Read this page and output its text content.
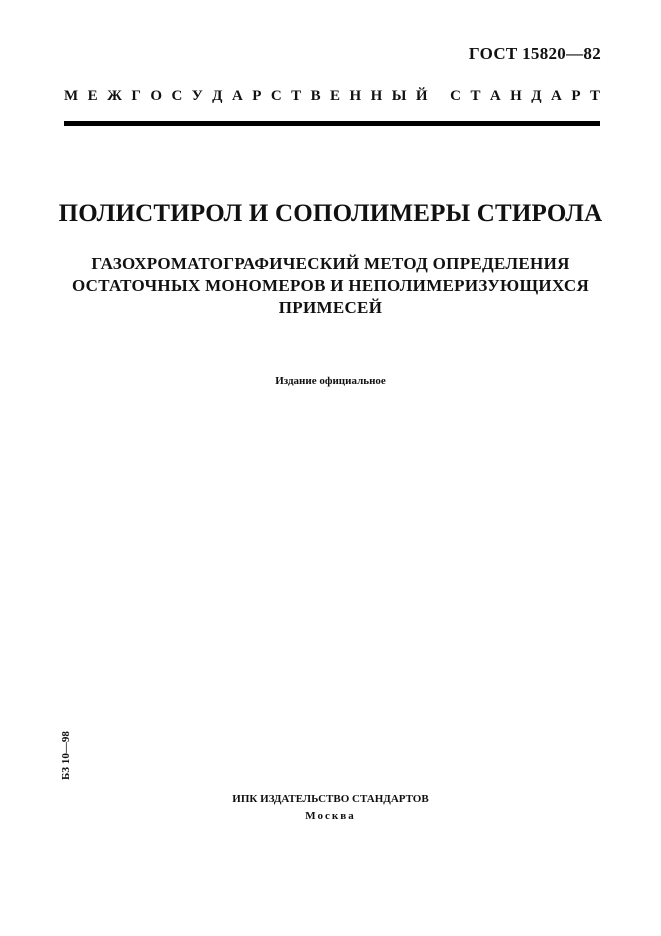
ГОСТ 15820—82
М Е Ж Г О С У Д А Р С Т В Е Н Н Ы Й
С Т А Н Д А Р Т
ПОЛИСТИРОЛ И СОПОЛИМЕРЫ СТИРОЛА
ГАЗОХРОМАТОГРАФИЧЕСКИЙ МЕТОД ОПРЕДЕЛЕНИЯ
ОСТАТОЧНЫХ МОНОМЕРОВ И НЕПОЛИМЕРИЗУЮЩИХСЯ
ПРИМЕСЕЙ
Издание официальное
БЗ 10—98
ИПК ИЗДАТЕЛЬСТВО СТАНДАРТОВ
Москва
